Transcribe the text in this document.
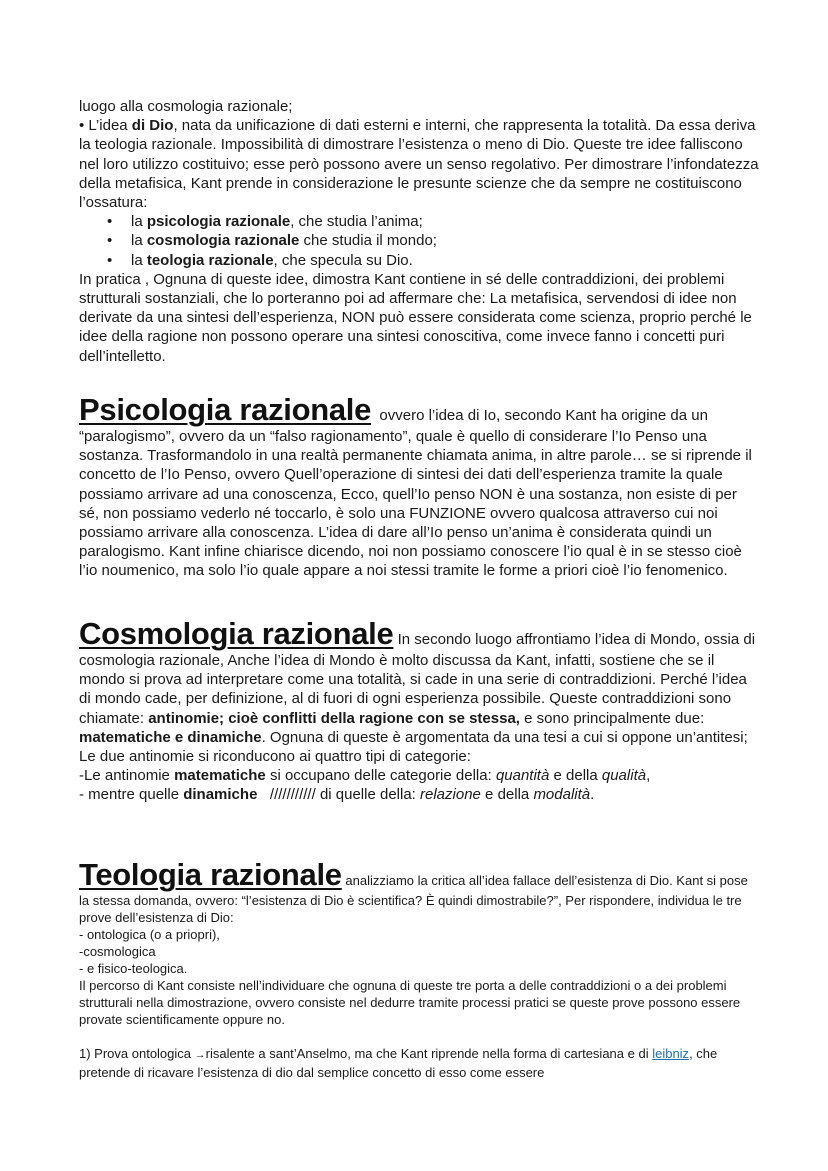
luogo alla cosmologia razionale;

• L’idea di Dio, nata da unificazione di dati esterni e interni, che rappresenta la totalità. Da essa deriva la teologia razionale. Impossibilità di dimostrare l’esistenza o meno di Dio. Queste tre idee falliscono nel loro utilizzo costituivo; esse però possono avere un senso regolativo. Per dimostrare l’infondatezza della metafisica, Kant prende in considerazione le presunte scienze che da sempre ne costituiscono l’ossatura:

• la psicologia razionale, che studia l’anima;
• la cosmologia razionale che studia il mondo;
• la teologia razionale, che specula su Dio.

In pratica , Ognuna di queste idee, dimostra Kant contiene in sé delle contraddizioni, dei problemi strutturali sostanziali, che lo porteranno poi ad affermare che: La metafisica, servendosi di idee non derivate da una sintesi dell’esperienza, NON può essere considerata come scienza, proprio perché le idee della ragione non possono operare una sintesi conoscitiva, come invece fanno i concetti puri dell’intelletto.

Psicologia razionale ovvero l’idea di Io, secondo Kant ha origine da un “paralogismo”, ovvero da un “falso ragionamento”, quale è quello di considerare l’Io Penso una sostanza. Trasformandolo in una realtà permanente chiamata anima, in altre parole… se si riprende il concetto de l’Io Penso, ovvero Quell’operazione di sintesi dei dati dell’esperienza tramite la quale possiamo arrivare ad una conoscenza, Ecco, quell’Io penso NON è una sostanza, non esiste di per sé, non possiamo vederlo né toccarlo, è solo una FUNZIONE ovvero qualcosa attraverso cui noi possiamo arrivare alla conoscenza. L’idea di dare all’Io penso un’anima è considerata quindi un paralogismo. Kant infine chiarisce dicendo, noi non possiamo conoscere l’io qual è in se stesso cioè l’io noumenico, ma solo l’io quale appare a noi stessi tramite le forme a priori cioè l’io fenomenico.

Cosmologia razionale In secondo luogo affrontiamo l’idea di Mondo, ossia di cosmologia razionale, Anche l’idea di Mondo è molto discussa da Kant, infatti, sostiene che se il mondo si prova ad interpretare come una totalità, si cade in una serie di contraddizioni. Perché l’idea di mondo cade, per definizione, al di fuori di ogni esperienza possibile. Queste contraddizioni sono chiamate: antinomie; cioè conflitti della ragione con se stessa, e sono principalmente due: matematiche e dinamiche. Ognuna di queste è argomentata da una tesi a cui si oppone un’antitesi; Le due antinomie si riconducono ai quattro tipi di categorie:

-Le antinomie matematiche si occupano delle categorie della: quantità e della qualità,

- mentre quelle dinamiche   /////////// di quelle della: relazione e della modalità.

Teologia razionale analizziamo la critica all’idea fallace dell’esistenza di Dio. Kant si pose la stessa domanda, ovvero: “l’esistenza di Dio è scientifica? È quindi dimostrabile?”, Per rispondere, individua le tre prove dell’esistenza di Dio:

- ontologica (o a priopri),

-cosmologica

- e fisico-teologica.

Il percorso di Kant consiste nell’individuare che ognuna di queste tre porta a delle contraddizioni o a dei problemi strutturali nella dimostrazione, ovvero consiste nel dedurre tramite processi pratici se queste prove possono essere provate scientificamente oppure no.

1) Prova ontologica →risalente a sant’Anselmo, ma che Kant riprende nella forma di cartesiana e di leibniz, che pretende di ricavare l’esistenza di dio dal semplice concetto di esso come essere
